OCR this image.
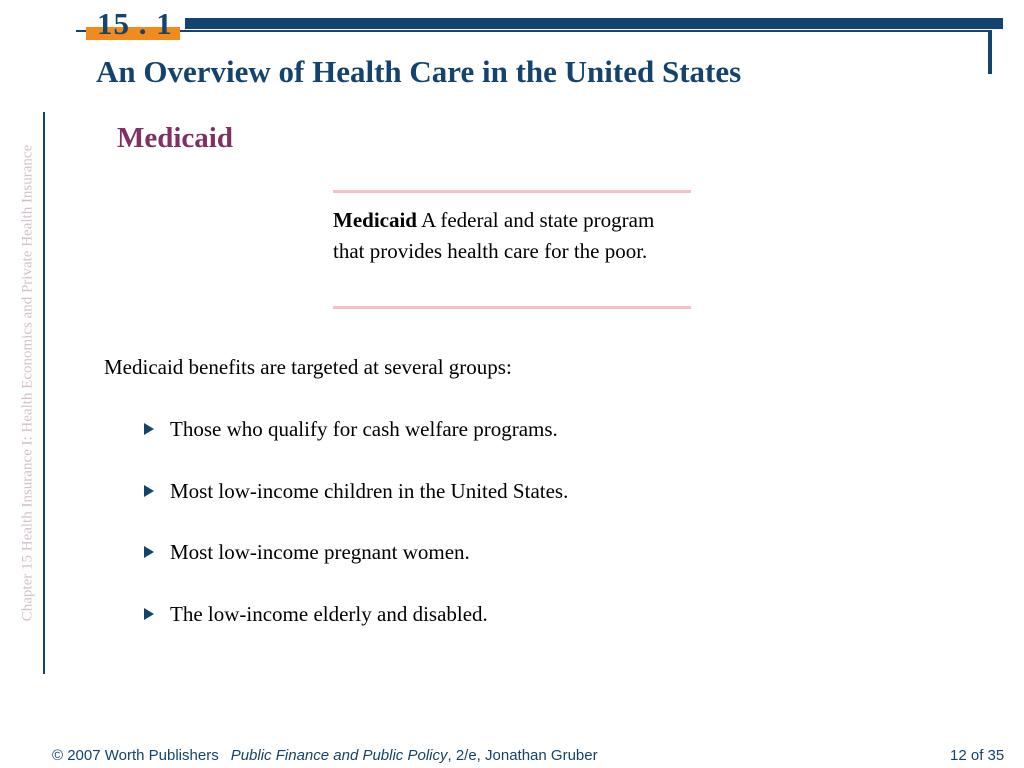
15 . 1
An Overview of Health Care in the United States
Medicaid
Chapter 15 Health Insurance I: Health Economics and Private Health Insurance	Medicaid A federal and state program that provides health care for the poor.
Medicaid benefits are targeted at several groups:
Those who qualify for cash welfare programs.
Most low-income children in the United States.
Most low-income pregnant women.
The low-income elderly and disabled.
© 2007 Worth Publishers Public Finance and Public Policy, 2/e, Jonathan Gruber	12 of 35
